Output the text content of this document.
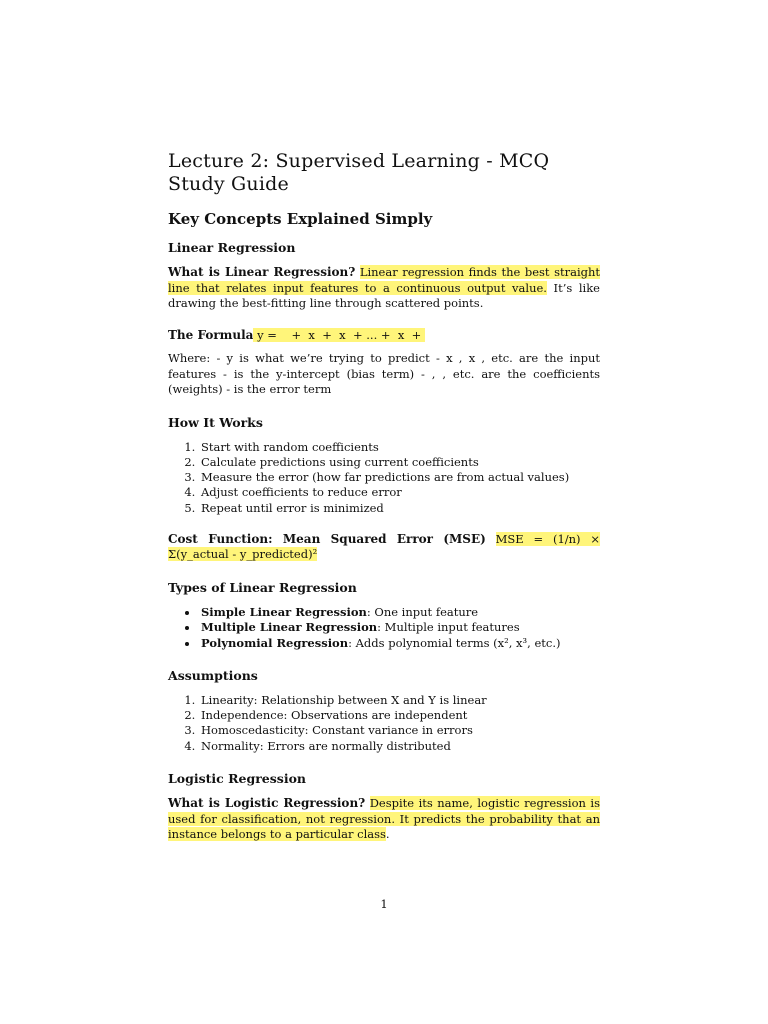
Lecture 2: Supervised Learning - MCQ Study Guide
Key Concepts Explained Simply
Linear Regression

What is Linear Regression? Linear regression finds the best straight line that relates input features to a continuous output value. It’s like drawing the best-fitting line through scattered points.

The Formula y =    +  x  +  x  + ... +  x  +

Where: - y is what we’re trying to predict - x , x , etc. are the input features - is the y-intercept (bias term) - , , etc. are the coefficients (weights) - is the error term

How It Works
1. Start with random coefficients
2. Calculate predictions using current coefficients
3. Measure the error (how far predictions are from actual values)
4. Adjust coefficients to reduce error
5. Repeat until error is minimized

Cost Function: Mean Squared Error (MSE) MSE = (1/n) × Σ(y_actual - y_predicted)²

Types of Linear Regression
• Simple Linear Regression: One input feature
• Multiple Linear Regression: Multiple input features
• Polynomial Regression: Adds polynomial terms (x², x³, etc.)
Assumptions
1. Linearity: Relationship between X and Y is linear
2. Independence: Observations are independent
3. Homoscedasticity: Constant variance in errors
4. Normality: Errors are normally distributed
Logistic Regression

What is Logistic Regression? Despite its name, logistic regression is used for classification, not regression. It predicts the probability that an instance belongs to a particular class.

1
